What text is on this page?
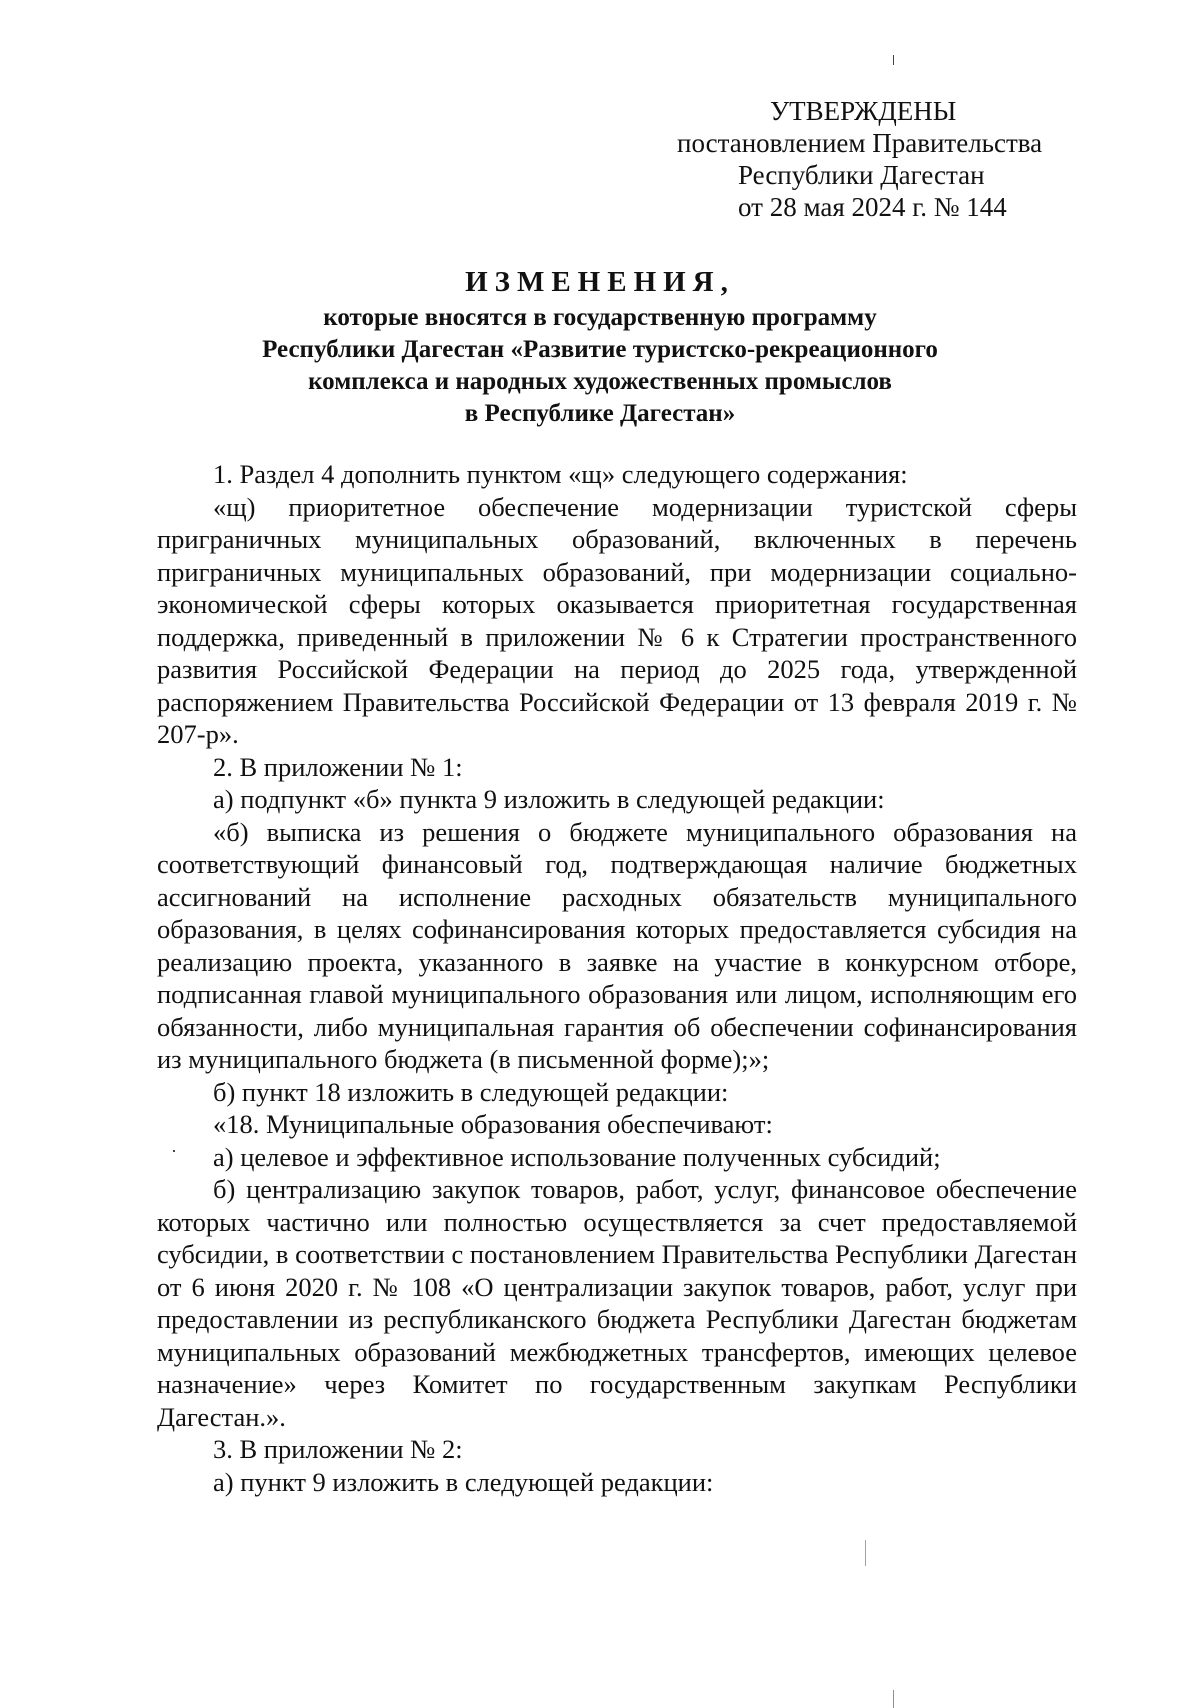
УТВЕРЖДЕНЫ
постановлением Правительства
Республики Дагестан
от 28 мая 2024 г. № 144
ИЗМЕНЕНИЯ,
которые вносятся в государственную программу
Республики Дагестан «Развитие туристско-рекреационного
комплекса и народных художественных промыслов
в Республике Дагестан»

1. Раздел 4 дополнить пунктом «щ» следующего содержания:

«щ) приоритетное обеспечение модернизации туристской сферы приграничных муниципальных образований, включенных в перечень приграничных муниципальных образований, при модернизации социально-экономической сферы которых оказывается приоритетная государственная поддержка, приведенный в приложении № 6 к Стратегии пространственного развития Российской Федерации на период до 2025 года, утвержденной распоряжением Правительства Российской Федерации от 13 февраля 2019 г. № 207-р».

2. В приложении № 1:

а) подпункт «б» пункта 9 изложить в следующей редакции:

«б) выписка из решения о бюджете муниципального образования на соответствующий финансовый год, подтверждающая наличие бюджетных ассигнований на исполнение расходных обязательств муниципального образования, в целях софинансирования которых предоставляется субсидия на реализацию проекта, указанного в заявке на участие в конкурсном отборе, подписанная главой муниципального образования или лицом, исполняющим его обязанности, либо муниципальная гарантия об обеспечении софинансирования из муниципального бюджета (в письменной форме);»;

б) пункт 18 изложить в следующей редакции:

«18. Муниципальные образования обеспечивают:

а) целевое и эффективное использование полученных субсидий;

б) централизацию закупок товаров, работ, услуг, финансовое обеспечение которых частично или полностью осуществляется за счет предоставляемой субсидии, в соответствии с постановлением Правительства Республики Дагестан от 6 июня 2020 г. № 108 «О централизации закупок товаров, работ, услуг при предоставлении из республиканского бюджета Республики Дагестан бюджетам муниципальных образований межбюджетных трансфертов, имеющих целевое назначение» через Комитет по государственным закупкам Республики Дагестан.».

3. В приложении № 2:

а) пункт 9 изложить в следующей редакции:
